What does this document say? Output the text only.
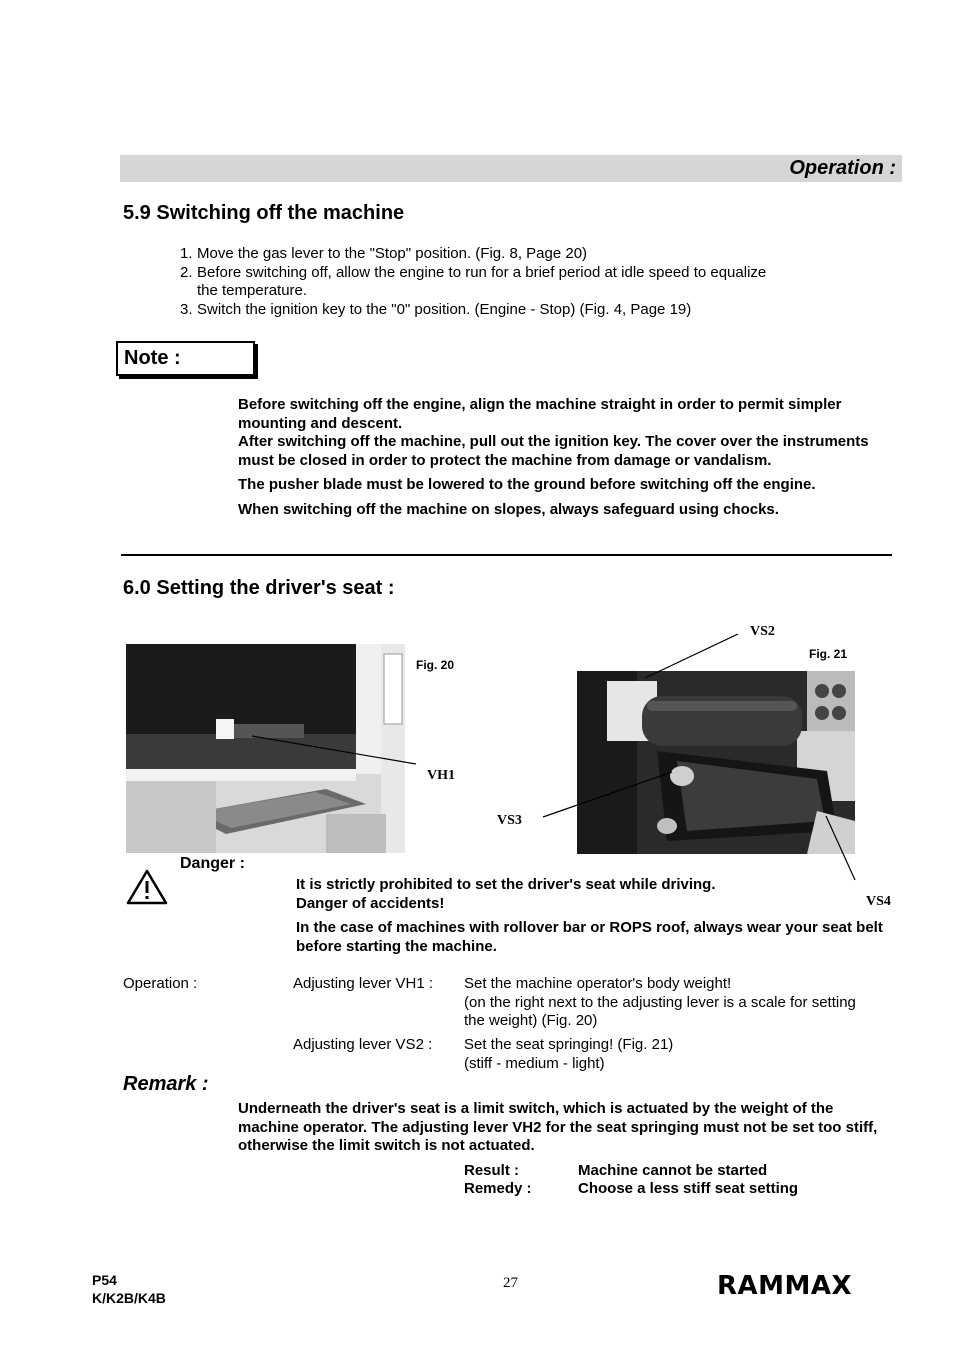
Operation :
5.9 Switching off the machine
1. Move the gas lever to the "Stop" position. (Fig. 8, Page 20)
2. Before switching off, allow the engine to run for a brief period at idle speed to equalize
the temperature.
3. Switch the ignition key to the "0" position. (Engine - Stop) (Fig. 4, Page 19)
Note :

Before switching off the engine, align the machine straight in order to permit simpler mounting and descent.

After switching off the machine, pull out the ignition key. The cover over the instruments must be closed in order to protect the machine from damage or vandalism.

The pusher blade must be lowered to the ground before switching off the engine.

When switching off the machine on slopes, always safeguard using chocks.

6.0 Setting the driver's seat :
Fig. 20
VH1
Fig. 21
VS2
VS3
VS4
Danger :

It is strictly prohibited to set the driver's seat while driving.

Danger of accidents!

In the case of machines with rollover bar or ROPS roof, always wear your seat belt before starting the machine.

Operation :	Adjusting lever VH1 : Set the machine operator's body weight!
(on the right next to the adjusting lever is a scale for setting
the weight) (Fig. 20)
Adjusting lever VS2 : Set the seat springing! (Fig. 21)
(stiff - medium - light)
Remark :
Underneath the driver's seat is a limit switch, which is actuated by the weight of the machine operator. The adjusting lever VH2 for the seat springing must not be set too stiff, otherwise the limit switch is not actuated.
Result :	Machine cannot be started
Remedy :	Choose a less stiff seat setting
P54
K/K2B/K4B
27	RAMMAX
